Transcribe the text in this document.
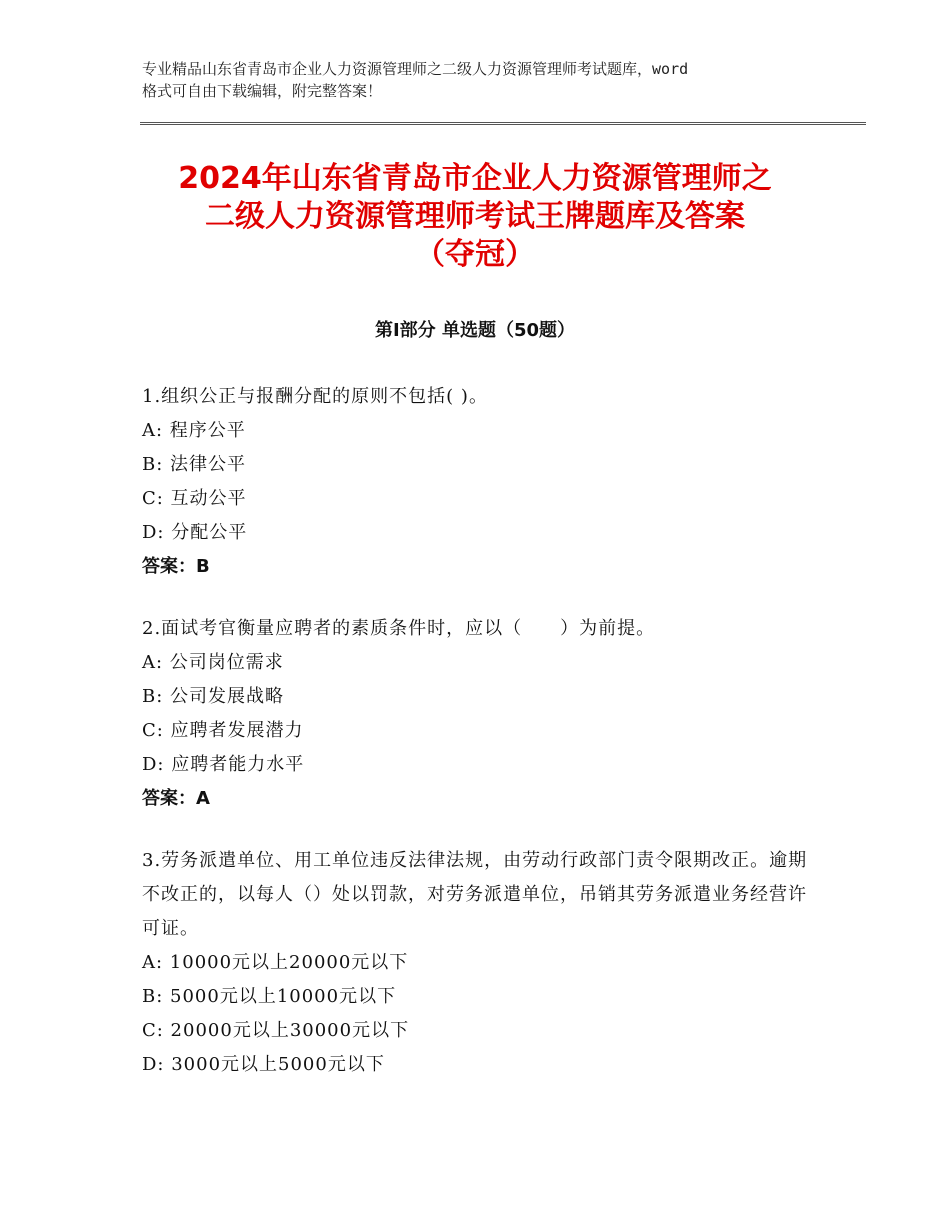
专业精品山东省青岛市企业人力资源管理师之二级人力资源管理师考试题库，word
格式可自由下载编辑，附完整答案！
2024年山东省青岛市企业人力资源管理师之
二级人力资源管理师考试王牌题库及答案
（夺冠）
第Ⅰ部分 单选题（50题）
1.组织公正与报酬分配的原则不包括( )。
A: 程序公平
B: 法律公平
C: 互动公平
D: 分配公平
答案：B
2.面试考官衡量应聘者的素质条件时，应以（　　）为前提。
A: 公司岗位需求
B: 公司发展战略
C: 应聘者发展潜力
D: 应聘者能力水平
答案：A
3.劳务派遣单位、用工单位违反法律法规，由劳动行政部门责令限期改正。逾期不改正的，以每人（）处以罚款，对劳务派遣单位，吊销其劳务派遣业务经营许可证。
A: 10000元以上20000元以下
B: 5000元以上10000元以下
C: 20000元以上30000元以下
D: 3000元以上5000元以下
